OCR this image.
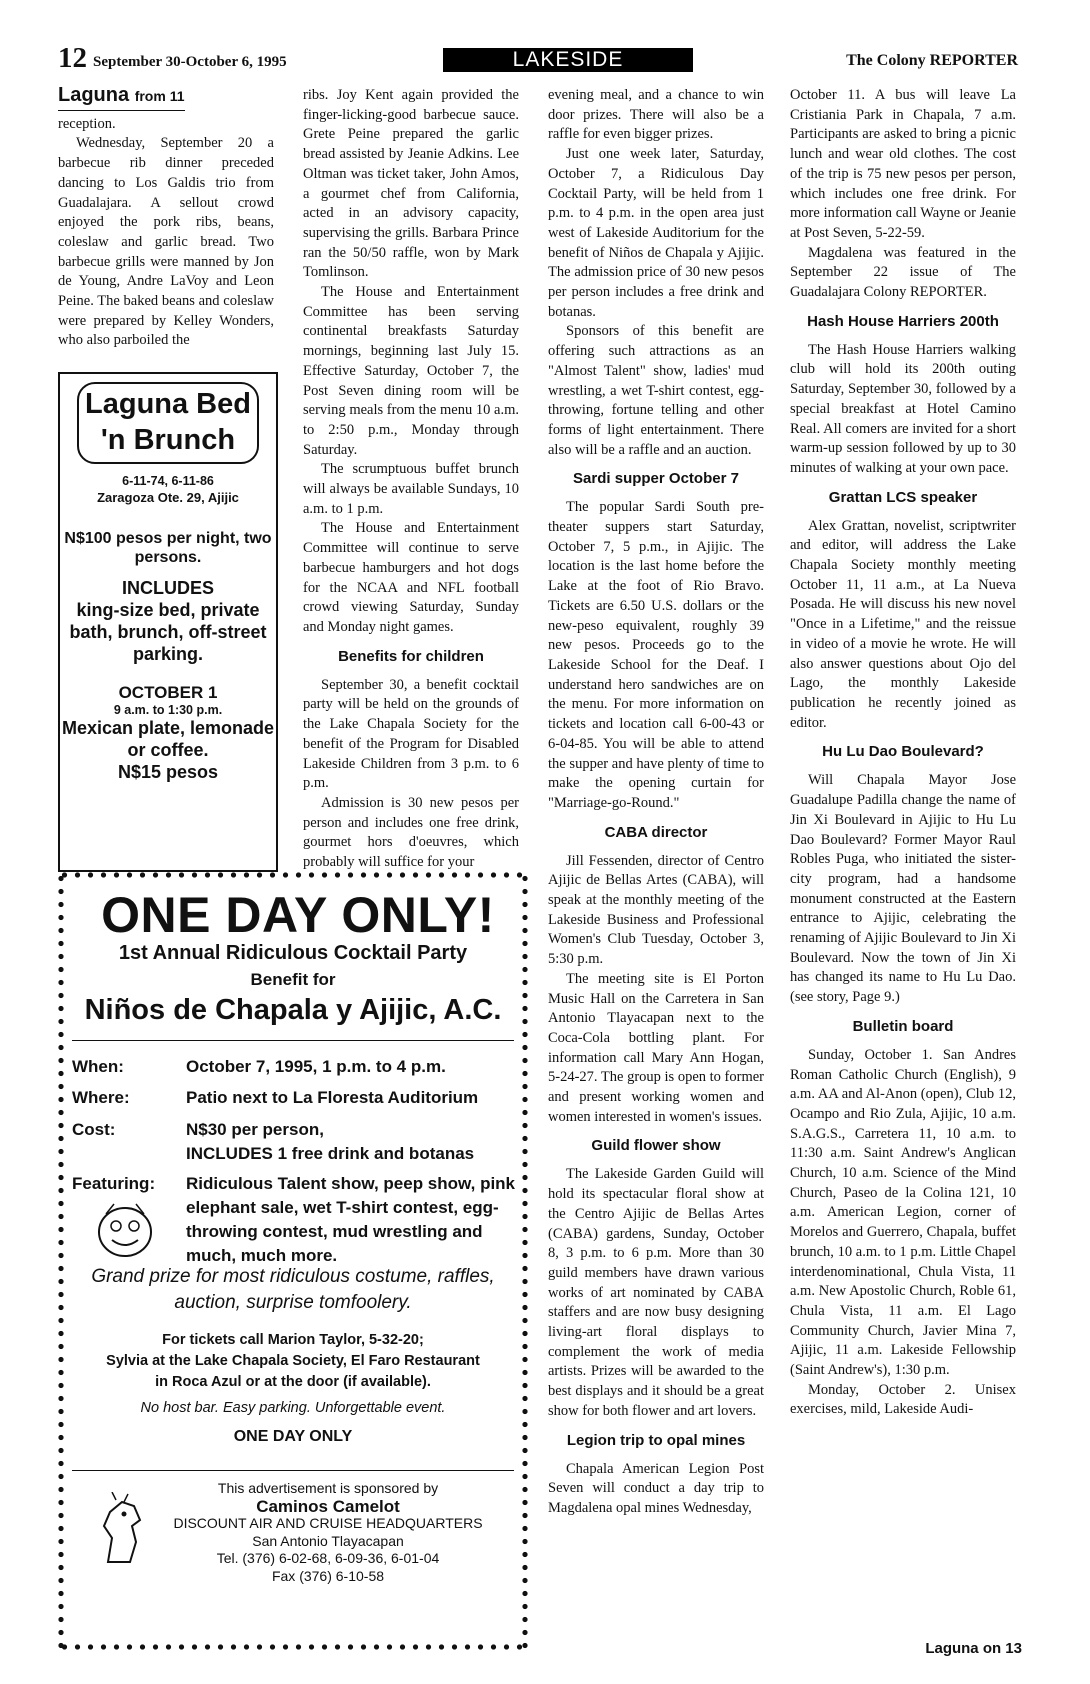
12 September 30-October 6, 1995	LAKESIDE	The Colony REPORTER
Laguna from 11

reception.

Wednesday, September 20 a barbecue rib dinner preceded dancing to Los Galdis trio from Guadalajara. A sellout crowd enjoyed the pork ribs, beans, coleslaw and garlic bread. Two barbecue grills were manned by Jon de Young, Andre LaVoy and Leon Peine. The baked beans and coleslaw were prepared by Kelley Wonders, who also parboiled the

Laguna Bed 'n Brunch
6-11-74, 6-11-86
Zaragoza Ote. 29, Ajijic
N$100 pesos per night, two persons.
INCLUDES
king-size bed, private bath, brunch, off-street parking.
OCTOBER 1
9 a.m. to 1:30 p.m.
Mexican plate, lemonade or coffee.
N$15 pesos

ribs. Joy Kent again provided the finger-licking-good barbecue sauce. Grete Peine prepared the garlic bread assisted by Jeanie Adkins. Lee Oltman was ticket taker, John Amos, a gourmet chef from California, acted in an advisory capacity, supervising the grills. Barbara Prince ran the 50/50 raffle, won by Mark Tomlinson.

The House and Entertainment Committee has been serving continental breakfasts Saturday mornings, beginning last July 15. Effective Saturday, October 7, the Post Seven dining room will be serving meals from the menu 10 a.m. to 2:50 p.m., Monday through Saturday.

The scrumptuous buffet brunch will always be available Sundays, 10 a.m. to 1 p.m.

The House and Entertainment Committee will continue to serve barbecue hamburgers and hot dogs for the NCAA and NFL football crowd viewing Saturday, Sunday and Monday night games.

Benefits for children

September 30, a benefit cocktail party will be held on the grounds of the Lake Chapala Society for the benefit of the Program for Disabled Lakeside Children from 3 p.m. to 6 p.m.

Admission is 30 new pesos per person and includes one free drink, gourmet hors d'oeuvres, which probably will suffice for your

evening meal, and a chance to win door prizes. There will also be a raffle for even bigger prizes.

Just one week later, Saturday, October 7, a Ridiculous Day Cocktail Party, will be held from 1 p.m. to 4 p.m. in the open area just west of Lakeside Auditorium for the benefit of Niños de Chapala y Ajijic. The admission price of 30 new pesos per person includes a free drink and botanas.

Sponsors of this benefit are offering such attractions as an "Almost Talent" show, ladies' mud wrestling, a wet T-shirt contest, egg-throwing, fortune telling and other forms of light entertainment. There also will be a raffle and an auction.

Sardi supper October 7

The popular Sardi South pre-theater suppers start Saturday, October 7, 5 p.m., in Ajijic. The location is the last home before the Lake at the foot of Rio Bravo. Tickets are 6.50 U.S. dollars or the new-peso equivalent, roughly 39 new pesos. Proceeds go to the Lakeside School for the Deaf. I understand hero sandwiches are on the menu. For more information on tickets and location call 6-00-43 or 6-04-85. You will be able to attend the supper and have plenty of time to make the opening curtain for "Marriage-go-Round."

CABA director

Jill Fessenden, director of Centro Ajijic de Bellas Artes (CABA), will speak at the monthly meeting of the Lakeside Business and Professional Women's Club Tuesday, October 3, 5:30 p.m.

The meeting site is El Porton Music Hall on the Carretera in San Antonio Tlayacapan next to the Coca-Cola bottling plant. For information call Mary Ann Hogan, 5-24-27. The group is open to former and present working women and women interested in women's issues.

Guild flower show

The Lakeside Garden Guild will hold its spectacular floral show at the Centro Ajijic de Bellas Artes (CABA) gardens, Sunday, October 8, 3 p.m. to 6 p.m. More than 30 guild members have drawn various works of art nominated by CABA staffers and are now busy designing living-art floral displays to complement the work of media artists. Prizes will be awarded to the best displays and it should be a great show for both flower and art lovers.

Legion trip to opal mines

Chapala American Legion Post Seven will conduct a day trip to Magdalena opal mines Wednesday,

October 11. A bus will leave La Cristiania Park in Chapala, 7 a.m. Participants are asked to bring a picnic lunch and wear old clothes. The cost of the trip is 75 new pesos per person, which includes one free drink. For more information call Wayne or Jeanie at Post Seven, 5-22-59.

Magdalena was featured in the September 22 issue of The Guadalajara Colony REPORTER.

Hash House Harriers 200th

The Hash House Harriers walking club will hold its 200th outing Saturday, September 30, followed by a special breakfast at Hotel Camino Real. All comers are invited for a short warm-up session followed by up to 30 minutes of walking at your own pace.

Grattan LCS speaker

Alex Grattan, novelist, scriptwriter and editor, will address the Lake Chapala Society monthly meeting October 11, 11 a.m., at La Nueva Posada. He will discuss his new novel "Once in a Lifetime," and the reissue in video of a movie he wrote. He will also answer questions about Ojo del Lago, the monthly Lakeside publication he recently joined as editor.

Hu Lu Dao Boulevard?

Will Chapala Mayor Jose Guadalupe Padilla change the name of Jin Xi Boulevard in Ajijic to Hu Lu Dao Boulevard? Former Mayor Raul Robles Puga, who initiated the sister-city program, had a handsome monument constructed at the Eastern entrance to Ajijic, celebrating the renaming of Ajijic Boulevard to Jin Xi Boulevard. Now the town of Jin Xi has changed its name to Hu Lu Dao. (see story, Page 9.)

Bulletin board

Sunday, October 1. San Andres Roman Catholic Church (English), 9 a.m. AA and Al-Anon (open), Club 12, Ocampo and Rio Zula, Ajijic, 10 a.m. S.A.G.S., Carretera 11, 10 a.m. to 11:30 a.m. Saint Andrew's Anglican Church, 10 a.m. Science of the Mind Church, Paseo de la Colina 121, 10 a.m. American Legion, corner of Morelos and Guerrero, Chapala, buffet brunch, 10 a.m. to 1 p.m. Little Chapel interdenominational, Chula Vista, 11 a.m. New Apostolic Church, Roble 61, Chula Vista, 11 a.m. El Lago Community Church, Javier Mina 7, Ajijic, 11 a.m. Lakeside Fellowship (Saint Andrew's), 1:30 p.m.

Monday, October 2. Unisex exercises, mild, Lakeside Audi-

Laguna on 13
ONE DAY ONLY!
1st Annual Ridiculous Cocktail Party
Benefit for
Niños de Chapala y Ajijic, A.C.
When:	October 7, 1995, 1 p.m. to 4 p.m.
Where:	Patio next to La Floresta Auditorium
Cost:	N$30 per person,
INCLUDES 1 free drink and botanas
Featuring: Ridiculous Talent show, peep show, pink elephant sale, wet T-shirt contest, egg-throwing contest, mud wrestling and much, much more.
Grand prize for most ridiculous costume, raffles, auction, surprise tomfoolery.
For tickets call Marion Taylor, 5-32-20;
Sylvia at the Lake Chapala Society, El Faro Restaurant
in Roca Azul or at the door (if available).
No host bar. Easy parking. Unforgettable event.
ONE DAY ONLY
This advertisement is sponsored by
Caminos Camelot
DISCOUNT AIR AND CRUISE HEADQUARTERS
San Antonio Tlayacapan
Tel. (376) 6-02-68, 6-09-36, 6-01-04
Fax (376) 6-10-58
